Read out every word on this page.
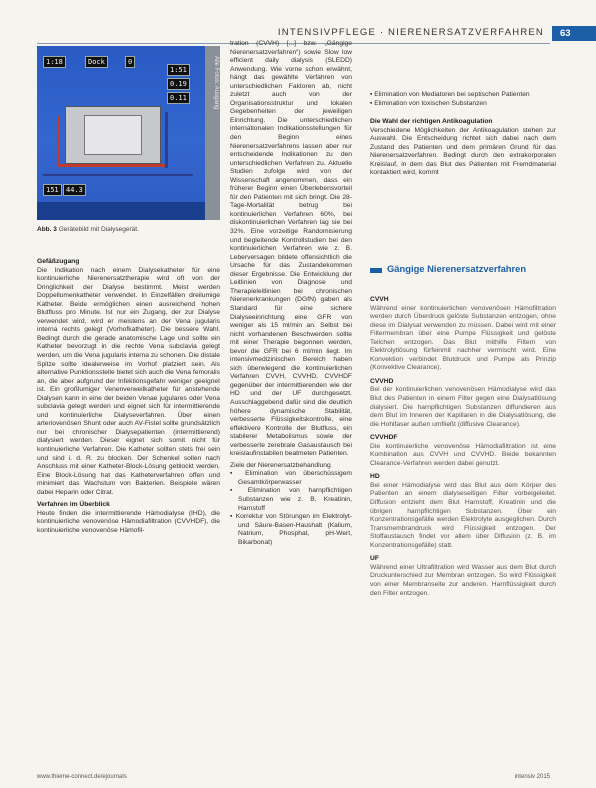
INTENSIVPFLEGE · NIERENERSATZVERFAHREN	63
1:18	Dock	0
1:51
0.19
0.11
151	44.3
Alle Fotos: Ausgang
Abb. 3 Gerätebild mit Dialysegerät.

Gefäßzugang

Die Indikation nach einem Dialysekatheter für eine kontinuierliche Nierenersatztherapie wird oft von der Dringlichkeit der Dialyse bestimmt. Meist werden Doppellumenkatheter verwendet. In Einzelfällen dreilumige Katheter. Beide ermöglichen einen ausreichend hohen Blutfluss pro Minute. Ist nur ein Zugang, der zur Dialyse verwendet wird, wird er meistens an der Vena jugularis interna rechts gelegt (Vorhofkatheter). Die bessere Wahl. Bedingt durch die gerade anatomische Lage und sollte ein Katheter bevorzugt in die rechte Vena subclavia gelegt werden, um die Vena jugularis interna zu schonen. Die distale Spitze sollte idealerweise im Vorhof platziert sein. Als alternative Punktionsstelle bietet sich auch die Vena femoralis an, die aber aufgrund der Infektionsgefahr weniger geeignet ist. Ein großlumiger Venenverweilkatheter für anstehende Dialysen kann in eine der beiden Venae jugulares oder Vena subclavia gelegt werden und eignet sich für intermittierende und kontinuierliche Dialyseverfahren. Über einen arteriovenösen Shunt oder auch AV-Fistel sollte grundsätzlich nur bei chronischer Dialysepatienten (intermittierend) dialysiert werden. Dieser eignet sich somit nicht für kontinuierliche Verfahren. Die Katheter sollten stets frei sein und sind i. d. R. zu blocken. Der Schenkel sollen nach Anschluss mit einer Katheter-Block-Lösung geblockt werden. Eine Block-Lösung hat das Katheterverfahren offen und minimiert das Wachstum von Bakterien. Beispiele wären dabei Heparin oder Citrat.

Verfahren im Überblick

Heute finden die intermittierende Hämodialyse (IHD), die kontinuierliche venovenöse Hämodiafiltration (CVVHDF), die kontinuierliche venovenöse Hämofil-

tration (CVVH) [...] bzw. „Gängige Nierenersatzverfahren“) sowie Slow low efficient daily dialysis (SLEDD) Anwendung. Wie vorne schon erwähnt, hängt das gewählte Verfahren von unterschiedlichen Faktoren ab, nicht zuletzt auch von der Organisationsstruktur und lokalen Gegebenheiten der jeweiligen Einrichtung. Die unterschiedlichen internationalen Indikationsstellungen für den Beginn eines Nierenersatzverfahrens lassen aber nur entscheidende Indikationen zu den unterschiedlichen Verfahren zu. Aktuelle Studien zufolge wird von der Wissenschaft angenommen, dass ein früherer Beginn einen Überlebensvorteil für den Patienten mit sich bringt. Die 28-Tage-Mortalität betrug bei kontinuierlichen Verfahren 60%, bei diskontinuierlichen Verfahren lag sie bei 32%. Eine vorzeitige Randomisierung und begleitende Kontrollstudien bei den kontinuierlichen Verfahren wie z. B. Leberversagen bildete offensichtlich die Ursache für das Zustandekommen dieser Ergebnisse. Die Entwicklung der Leitlinien von Diagnose und Therapieleitlinien bei chronischen Nierenerkrankungen (DGfN) gaben als Standard für eine sichere Dialyseeinrichtung eine GFR von weniger als 15 ml/min an. Selbst bei nicht vorhandenen Beschwerden sollte mit einer Therapie begonnen werden, bevor die GFR bei 6 ml/min liegt. Im intensivmedizinischen Bereich haben sich überwiegend die kontinuierlichen Verfahren CVVH, CVVHD, CVVHDF gegenüber der intermittierenden wie der HD und der UF durchgesetzt. Ausschlaggebend dafür sind die deutlich höhere dynamische Stabilität, verbesserte Flüssigkeitskontrolle, eine effektivere Kontrolle der Blutfluss, ein stabilerer Metabolismus sowie der verbesserte zerebrale Gasaustausch bei kreislaufinstabilen beatmeten Patienten.

Ziele der Nierenersatzbehandlung

▪ Elimination von überschüssigem Gesamtkörperwasser

▪ Elimination von harnpflichtigen Substanzen wie z. B. Kreatinin, Harnstoff

▪ Korrektur von Störungen im Elektrolyt- und Säure-Basen-Haushalt (Kalium, Natrium, Phosphat, pH-Wert, Bikarbonat)

▪ Elimination von Mediatoren bei septischen Patienten

▪ Elimination von toxischen Substanzen

Die Wahl der richtigen Antikoagulation

Verschiedene Möglichkeiten der Antikoagulation stehen zur Auswahl. Die Entscheidung richtet sich dabei nach dem Zustand des Patienten und dem primären Grund für das Nierenersatzverfahren. Bedingt durch den extrakorporalen Kreislauf, in dem das Blut des Patienten mit Fremdmaterial kontaktiert wird, kommt

Gängige Nierenersatzverfahren

CVVH

Während einer kontinuierlichen venovenösen Hämofiltration werden durch Überdruck gelöste Substanzen entzogen, ohne diese im Dialysat verwenden zu müssen. Dabei wird mit einer Filtermembran über eine Pumpe Flüssigkeit und gelöste Teilchen entzogen. Das Blut mithilfe Filtern von Elektrolytlösung fürfeinmit nachher vermischt wird. Eine Konvektion verbindet Blutdruck und Pumpe als Prinzip (Konvektive Clearance).

CVVHD

Bei der kontinuierlichen venovenösen Hämodialyse wird das Blut des Patienten in einem Filter gegen eine Dialysatlösung dialysiert. Die harnpflichtigen Substanzen diffundieren aus dem Blut im Inneren der Kapillaren in die Dialysatlösung, die die Hohlfaser außen umfließt (diffusive Clearance).

CVVHDF

Die kontinuierliche venovenöse Hämodiafiltration ist eine Kombination aus CVVH und CVVHD. Beide bekannten Clearance-Verfahren werden dabei genutzt.

HD

Bei einer Hämodialyse wird das Blut aus dem Körper des Patienten an einem dialyseseitigen Filter vorbeigeleitet. Diffusion entzieht dem Blut Harnstoff, Kreatinin und die übrigen harnpflichtigen Substanzen. Über ein Konzentrationsgefälle werden Elektrolyte ausgeglichen. Durch Transmembrandruck wird Flüssigkeit entzogen. Der Stoffaustausch findet vor allem über Diffusion (z. B. im Konzentrationsgefälle) statt.

UF

Während einer Ultrafiltration wird Wasser aus dem Blut durch Druckunterschied zur Membran entzogen. So wird Flüssigkeit von einer Membranseite zur anderen. Harnflüssigkeit durch den Filter entzogen.

www.thieme-connect.de/ejournals	intensiv 2015
